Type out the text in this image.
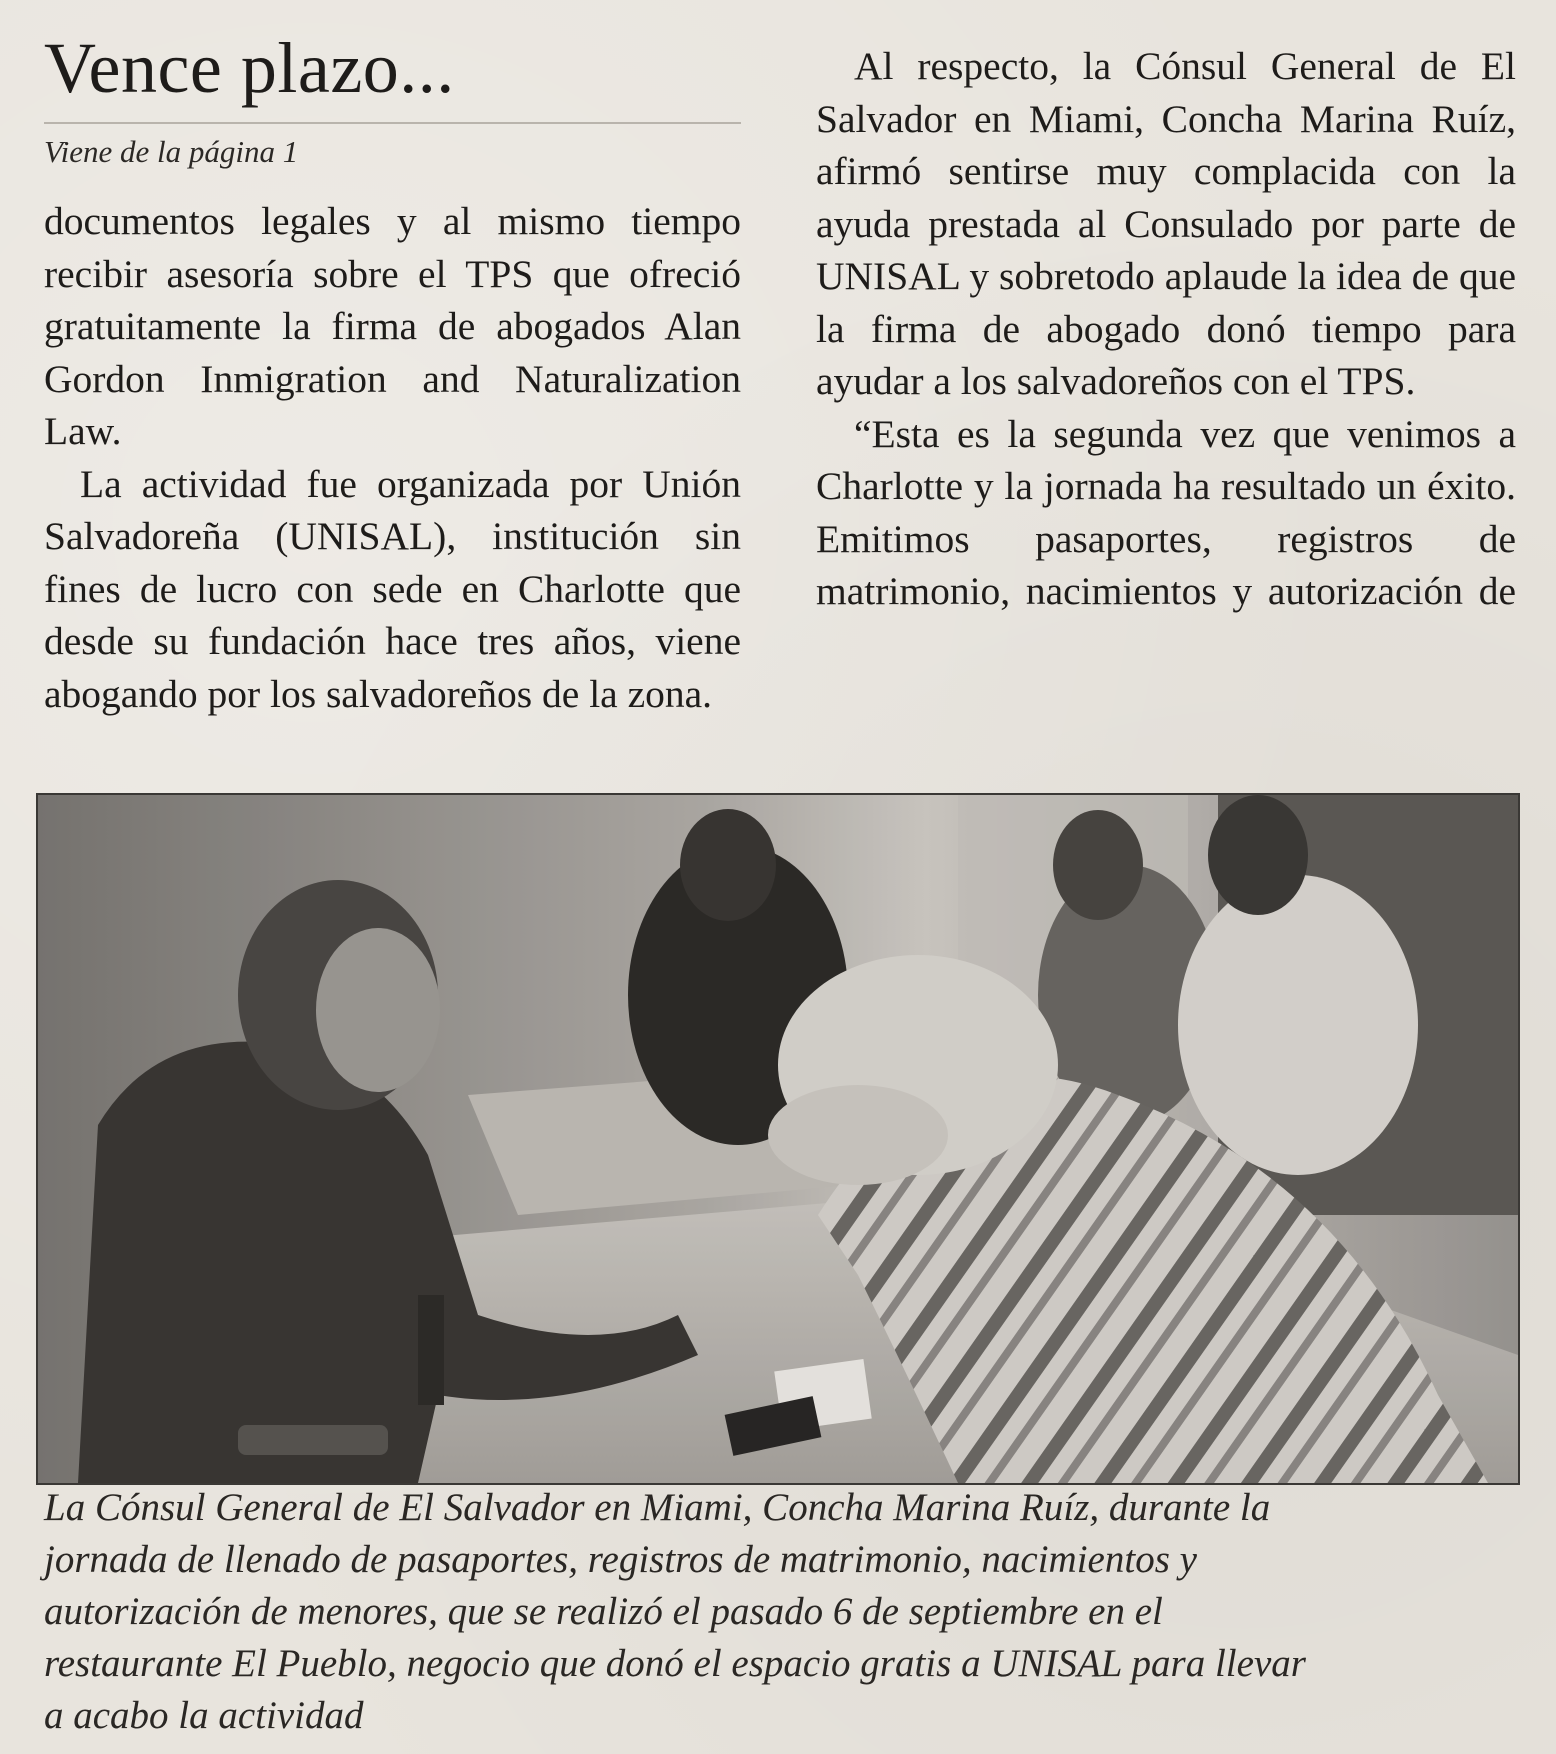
Vence plazo...
Viene de la página 1

documentos legales y al mismo tiempo recibir asesoría sobre el TPS que ofreció gratuitamente la firma de abogados Alan Gordon Inmigration and Naturalization Law.

La actividad fue organizada por Unión Salvadoreña (UNISAL), institución sin fines de lucro con sede en Charlotte que desde su fundación hace tres años, viene abogando por los salvadoreños de la zona.

Al respecto, la Cónsul General de El Salvador en Miami, Concha Marina Ruíz, afirmó sentirse muy complacida con la ayuda prestada al Consulado por parte de UNISAL y sobretodo aplaude la idea de que la firma de abogado donó tiempo para ayudar a los salvadoreños con el TPS.

“Esta es la segunda vez que venimos a Charlotte y la jornada ha resultado un éxito. Emitimos pasaportes, registros de matrimonio, nacimientos y autorización de

La Cónsul General de El Salvador en Miami, Concha Marina Ruíz, durante la
jornada de llenado de pasaportes, registros de matrimonio, nacimientos y
autorización de menores, que se realizó el pasado 6 de septiembre en el
restaurante El Pueblo, negocio que donó el espacio gratis a UNISAL para llevar
a acabo la actividad
